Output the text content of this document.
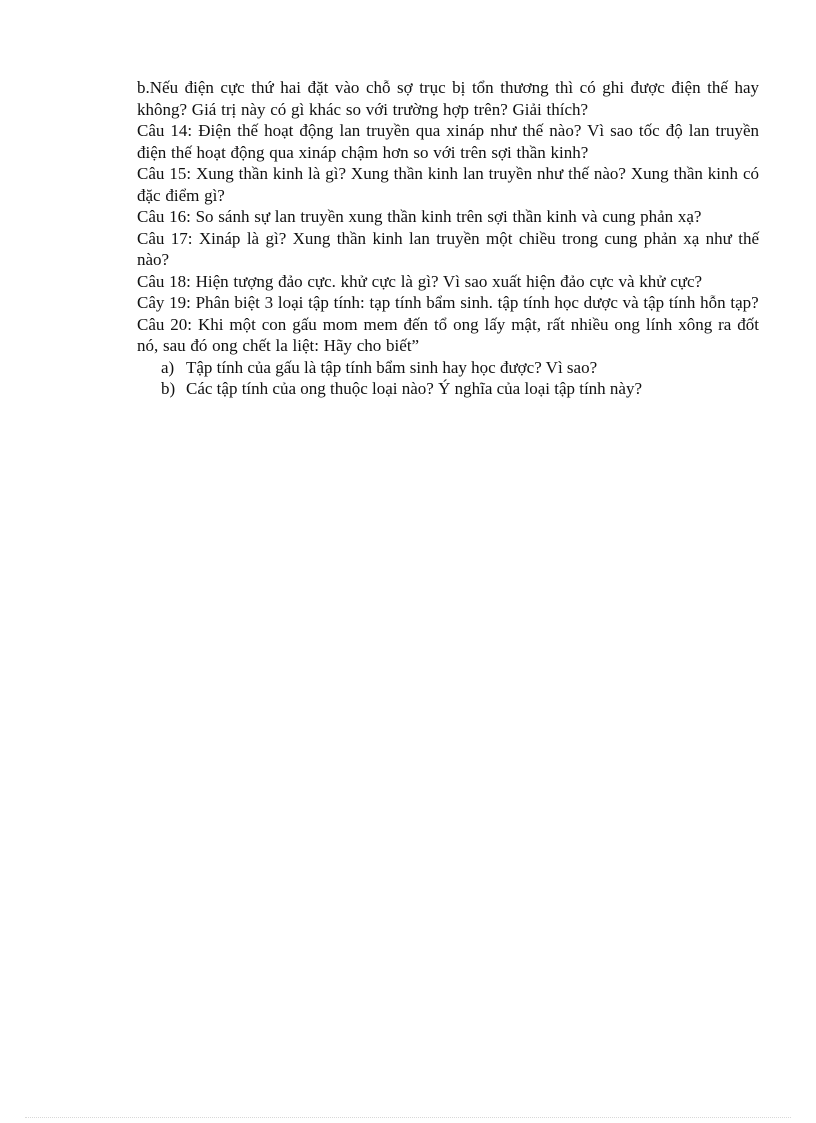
b.Nếu điện cực thứ hai đặt vào chỗ sợ trục bị tổn thương thì có ghi được điện thế hay không? Giá trị này có gì khác so với trường hợp trên? Giải thích?

Câu 14: Điện thế hoạt động lan truyền qua xináp như thế nào? Vì sao tốc độ lan truyền điện thế hoạt động qua xináp chậm hơn so với trên sợi thần kinh?

Câu 15: Xung thần kinh là gì? Xung thần kinh lan truyền như thế nào? Xung thần kinh có đặc điểm gì?

Câu 16: So sánh sự lan truyền xung thần kinh trên sợi thần kinh và cung phản xạ?

Câu 17: Xináp là gì? Xung thần kinh lan truyền một chiều trong cung phản xạ như thế nào?

Câu 18: Hiện tượng đảo cực. khử cực là gì? Vì sao xuất hiện đảo cực và khử cực?

Cây 19: Phân biệt 3 loại tập tính: tạp tính bẩm sinh. tập tính học dược và tập tính hỗn tạp?

Câu 20: Khi một con gấu mom mem đến tổ ong lấy mật, rất nhiều ong lính xông ra đốt nó, sau đó ong chết la liệt: Hãy cho biết”

a) Tập tính của gấu là tập tính bẩm sinh hay học được? Vì sao?
b) Các tập tính của ong thuộc loại nào? Ý nghĩa của loại tập tính này?
